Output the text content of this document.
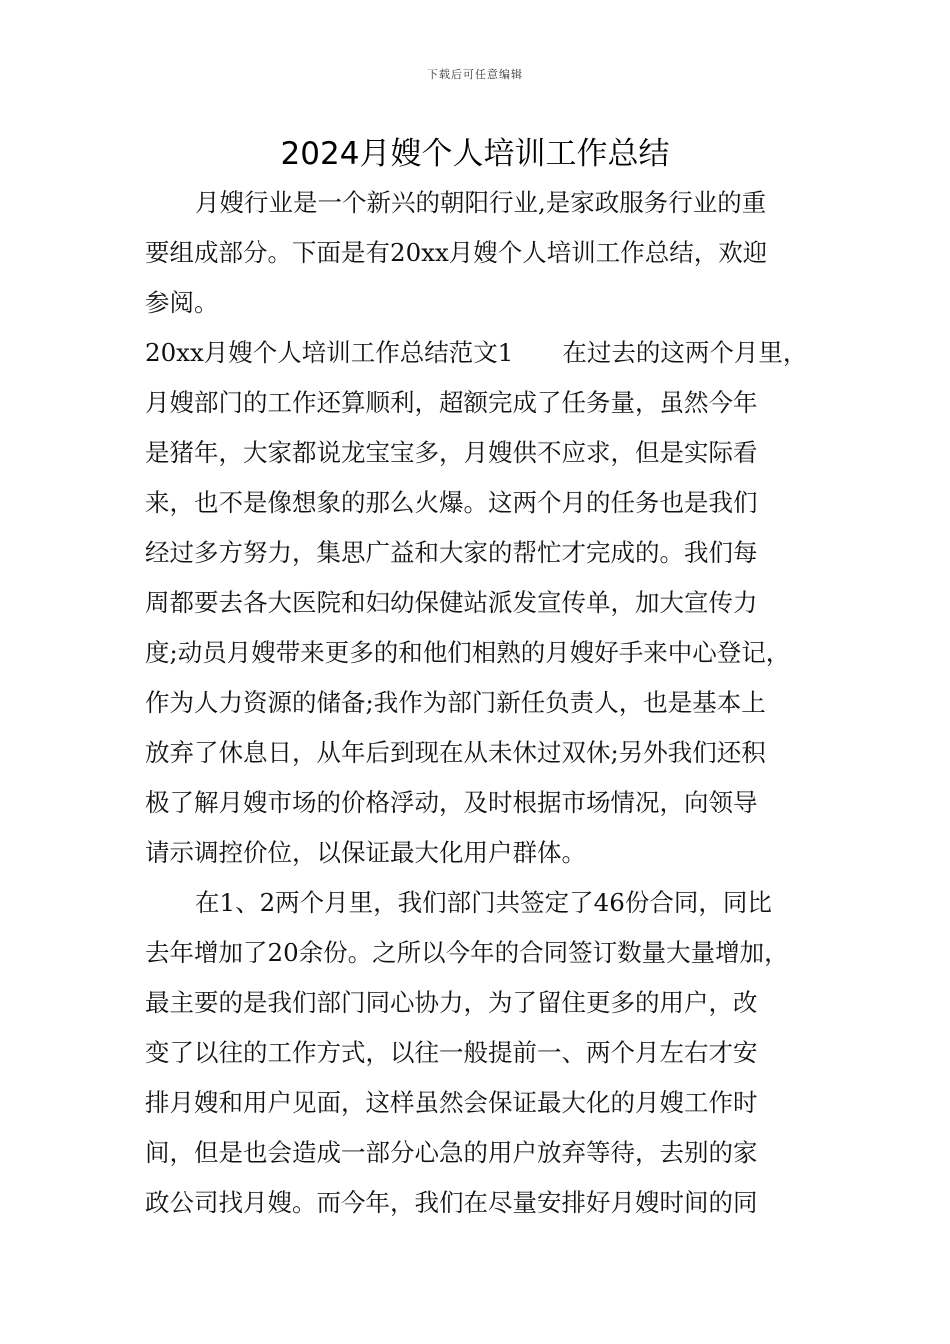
下载后可任意编辑
2024月嫂个人培训工作总结
月嫂行业是一个新兴的朝阳行业,是家政服务行业的重
要组成部分。下面是有20xx月嫂个人培训工作总结，欢迎
参阅。
20xx月嫂个人培训工作总结范文1　　在过去的这两个月里，
月嫂部门的工作还算顺利，超额完成了任务量，虽然今年
是猪年，大家都说龙宝宝多，月嫂供不应求，但是实际看
来，也不是像想象的那么火爆。这两个月的任务也是我们
经过多方努力，集思广益和大家的帮忙才完成的。我们每
周都要去各大医院和妇幼保健站派发宣传单，加大宣传力
度;动员月嫂带来更多的和他们相熟的月嫂好手来中心登记，
作为人力资源的储备;我作为部门新任负责人，也是基本上
放弃了休息日，从年后到现在从未休过双休;另外我们还积
极了解月嫂市场的价格浮动，及时根据市场情况，向领导
请示调控价位，以保证最大化用户群体。
在1、2两个月里，我们部门共签定了46份合同，同比
去年增加了20余份。之所以今年的合同签订数量大量增加，
最主要的是我们部门同心协力，为了留住更多的用户，改
变了以往的工作方式，以往一般提前一、两个月左右才安
排月嫂和用户见面，这样虽然会保证最大化的月嫂工作时
间，但是也会造成一部分心急的用户放弃等待，去别的家
政公司找月嫂。而今年，我们在尽量安排好月嫂时间的同
